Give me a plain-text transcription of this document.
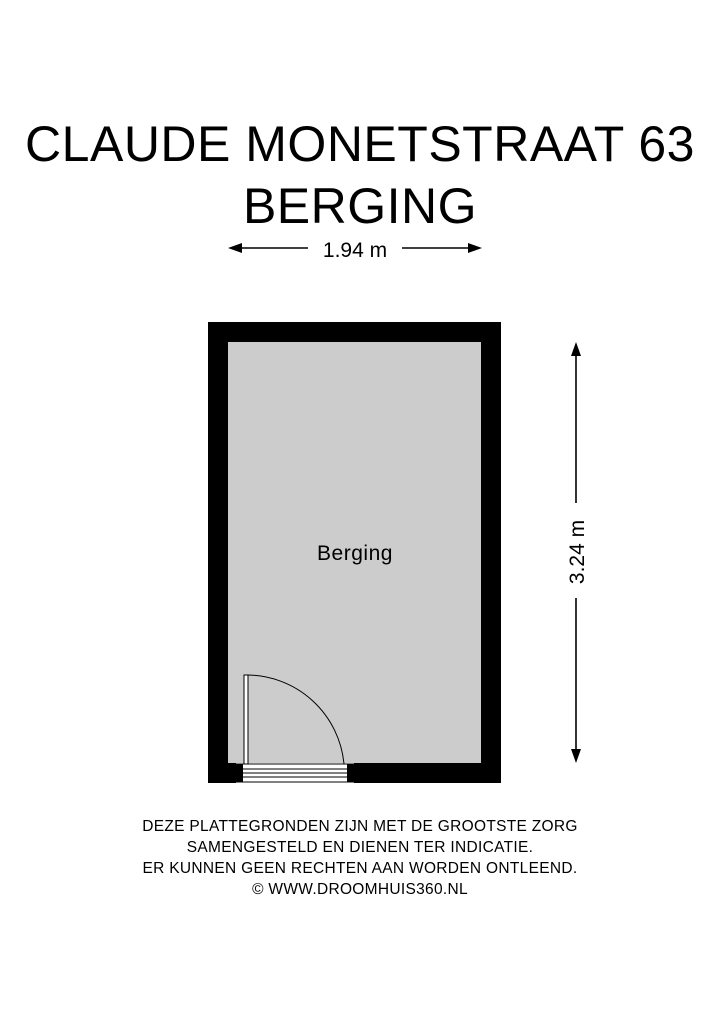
CLAUDE MONETSTRAAT 63
BERGING
1.94 m
3.24 m
Berging
DEZE PLATTEGRONDEN ZIJN MET DE GROOTSTE ZORG
SAMENGESTELD EN DIENEN TER INDICATIE.
ER KUNNEN GEEN RECHTEN AAN WORDEN ONTLEEND.
© WWW.DROOMHUIS360.NL
